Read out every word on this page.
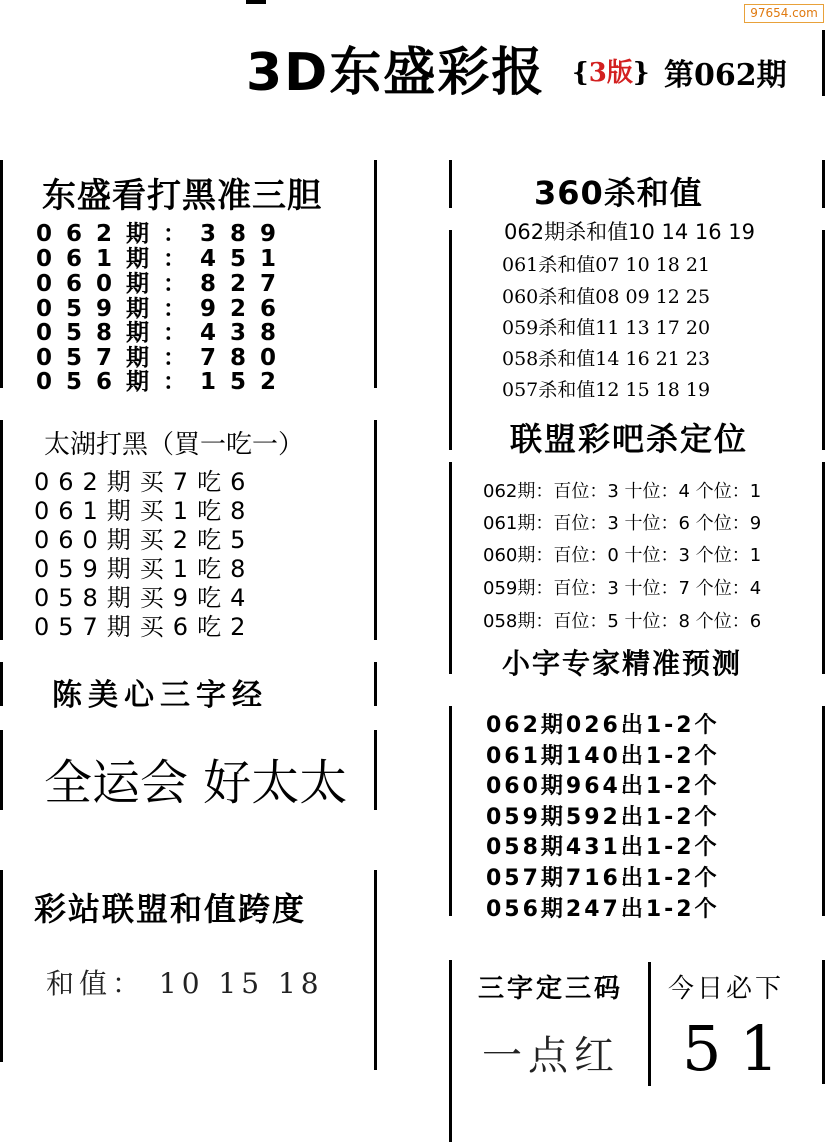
97654.com
3D东盛彩报 {3版} 第062期
东盛看打黑准三胆
062期：389
061期：451
060期：827
059期：926
058期：438
057期：780
056期：152
太湖打黑（買一吃一）
062期买7吃6
061期买1吃8
060期买2吃5
059期买1吃8
058期买9吃4
057期买6吃2
陈美心三字经
全运会 好太太
彩站联盟和值跨度
和值： 10 15 18
360杀和值
062期杀和值10 14 16 19
061杀和值07 10 18 21
060杀和值08 09 12 25
059杀和值11 13 17 20
058杀和值14 16 21 23
057杀和值12 15 18 19
联盟彩吧杀定位
062期：百位：3 十位：4 个位：1
061期：百位：3 十位：6 个位：9
060期：百位：0 十位：3 个位：1
059期：百位：3 十位：7 个位：4
058期：百位：5 十位：8 个位：6
小字专家精准预测
062期026出1-2个
061期140出1-2个
060期964出1-2个
059期592出1-2个
058期431出1-2个
057期716出1-2个
056期247出1-2个
三字定三码
一点红
今日必下
51
